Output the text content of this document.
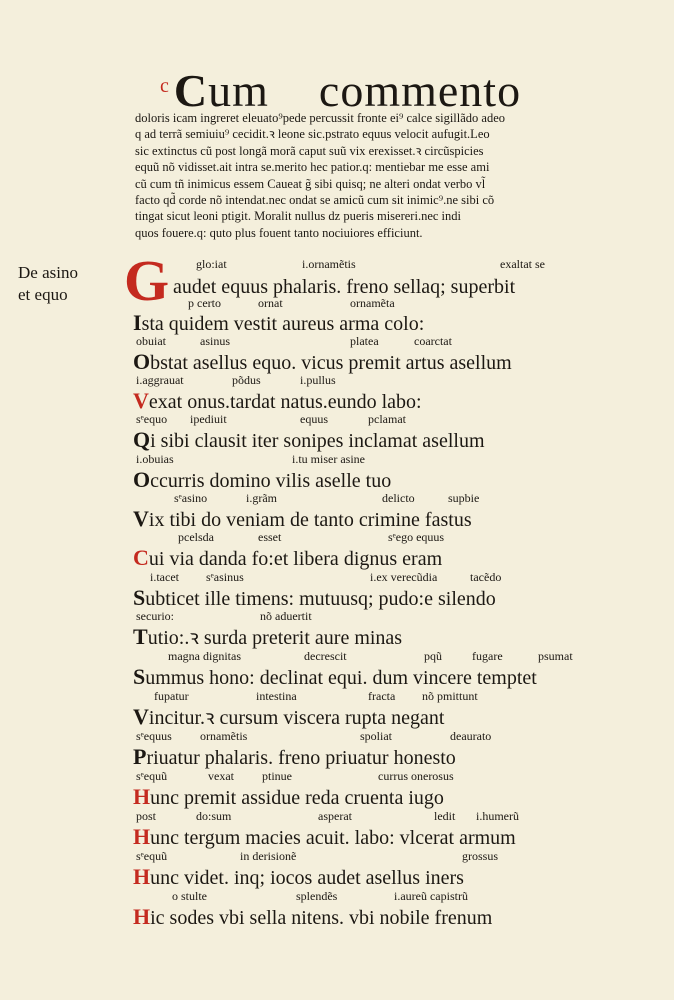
$^c$Cum commento
doloris icam ingreret eleuato⁹pede percussit fronte ei⁹ calce sigillãdo adeo
q ad terrã semiuiu⁹ cecidit.ꝛ leone sic.pstrato equus velocit aufugit.Leo
sic extinctus cũ post longã morã caput suũ vix erexisset.ꝛ circũspicies
equũ nõ vidisset.ait intra se.merito hec patior.q: mentiebar me esse ami
cũ cum tñ inimicus essem Caueat g̃ sibi quisq; ne alteri ondat verbo vl̃
facto qd̃ corde nõ intendat.nec ondat se amicũ cum sit inimic⁹.ne sibi cõ
tingat sicut leoni ptigit. Moralit nullus dz pueris misereri.nec indi
quos fouere.q: quto plus fouent tanto nociuiores efficiunt.
De asino
et equo G glo:iat	i.ornamẽtis	exaltat se
audet equus phalaris. freno sellaq; superbit
p certo	ornat	ornamẽta
Ista quidem vestit aureus arma colo:
obuiat	asinus	platea	coarctat
Obstat asellus equo. vicus premit artus asellum
i.aggrauat	põdus	i.pullus
Vexat onus.tardat natus.eundo labo:
sᵉequo ipediuit	equus	pclamat
Qi sibi clausit iter sonipes inclamat asellum
i.obuias	i.tu miser asine
Occurris domino vilis aselle tuo
sᵉasino	i.grãm	delicto	supbie
Vix tibi do veniam de tanto crimine fastus
pcelsda	esset	sᵉego equus
Cui via danda fo:et libera dignus eram
i.tacet sᵉasinus	i.ex verecũdia	tacẽdo
Subticet ille timens: mutuusq; pudo:e silendo
securio:	nõ aduertit
Tutio:.ꝛ surda preterit aure minas
magna dignitas	decrescit	pqũ	fugare	psumat
Summus hono: declinat equi. dum vincere temptet
fupatur	intestina	fracta nõ pmittunt
Vincitur.ꝛ cursum viscera rupta negant
sᵉequus ornamẽtis	spoliat	deaurato
Priuatur phalaris. freno priuatur honesto
sᵉequũ	vexat ptinue	currus onerosus
Hunc premit assidue reda cruenta iugo
post	do:sum	asperat	ledit i.humerũ
Hunc tergum macies acuit. labo: vlcerat armum
sᵉequũ	in derisionẽ	grossus
Hunc videt. inq; iocos audet asellus iners
o stulte	splendẽs	i.aureũ capistrũ
Hic sodes vbi sella nitens. vbi nobile frenum
